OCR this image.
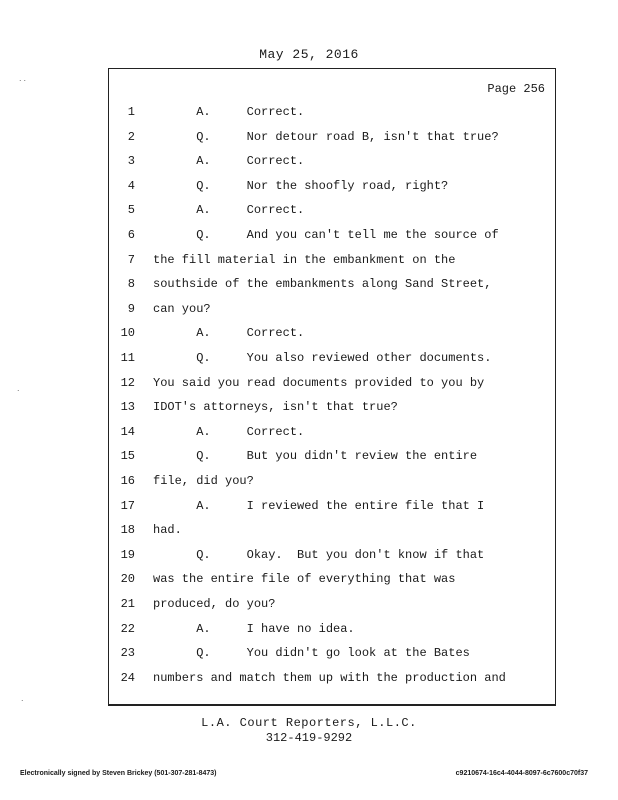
May 25, 2016
Page 256
1 A.     Correct.
2 Q.     Nor detour road B, isn't that true?
3 A.     Correct.
4 Q.     Nor the shoofly road, right?
5 A.     Correct.
6 Q.     And you can't tell me the source of
7 the fill material in the embankment on the
8 southside of the embankments along Sand Street,
9 can you?
10 A.     Correct.
11 Q.     You also reviewed other documents.
12 You said you read documents provided to you by
13 IDOT's attorneys, isn't that true?
14 A.     Correct.
15 Q.     But you didn't review the entire
16 file, did you?
17 A.     I reviewed the entire file that I
18 had.
19 Q.     Okay.  But you don't know if that
20 was the entire file of everything that was
21 produced, do you?
22 A.     I have no idea.
23 Q.     You didn't go look at the Bates
24 numbers and match them up with the production and
L.A. Court Reporters, L.L.C.
312-419-9292
Electronically signed by Steven Brickey (501-307-281-8473)	c9210674-16c4-4044-8097-6c7600c70f37
˙˙
˙
˙
